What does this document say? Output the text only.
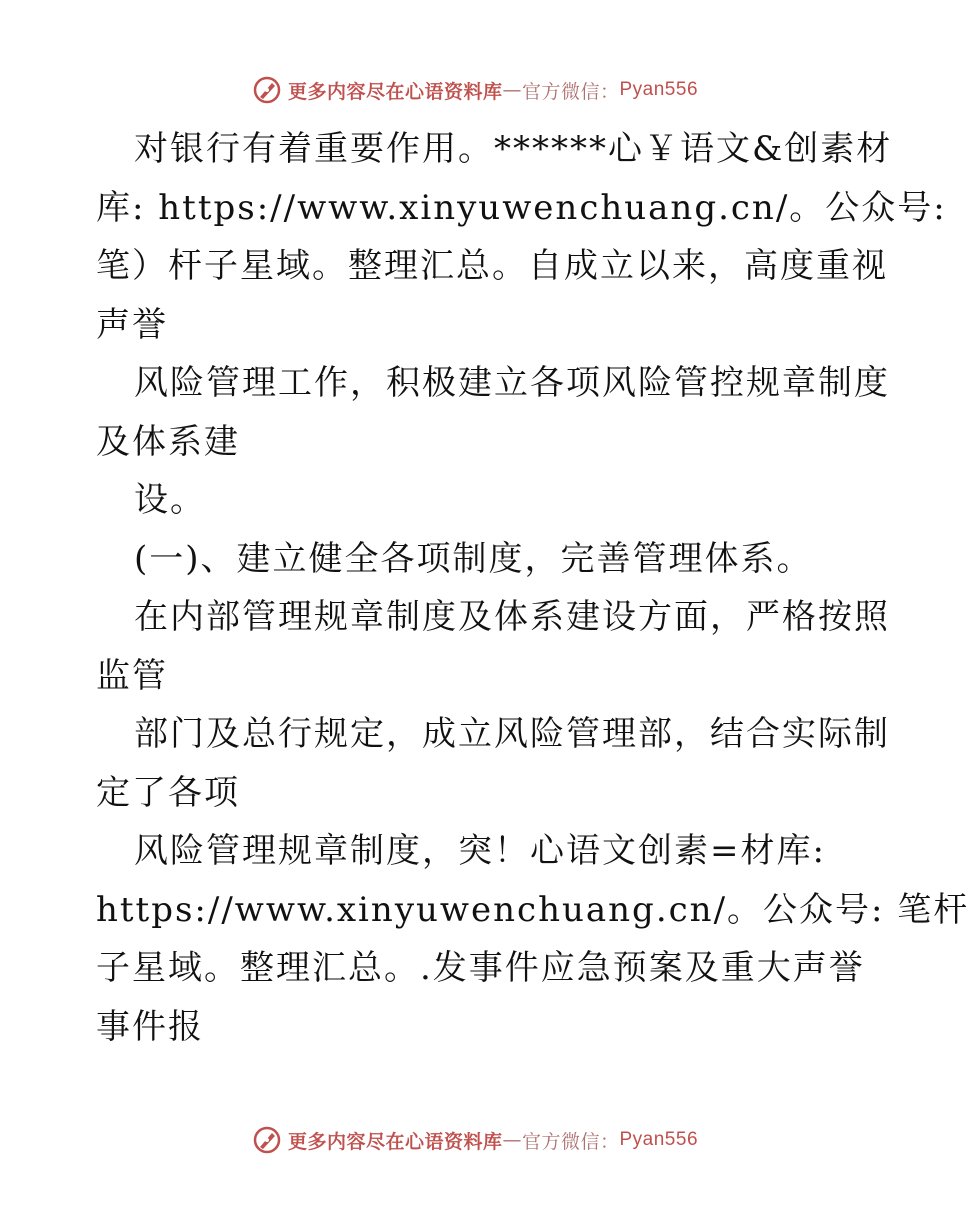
更多内容尽在心语资料库 — 官方微信： Pyan556
对银行有着重要作用。******心￥语文&创素材
库: https://www.xinyuwenchuang.cn/。公众号:
笔）杆子星域。整理汇总。自成立以来，高度重视
声誉
风险管理工作，积极建立各项风险管控规章制度
及体系建
设。
(一)、建立健全各项制度，完善管理体系。
在内部管理规章制度及体系建设方面，严格按照
监管
部门及总行规定，成立风险管理部，结合实际制
定了各项
风险管理规章制度，突！心语文创素=材库:
https://www.xinyuwenchuang.cn/。公众号: 笔杆
子星域。整理汇总。.发事件应急预案及重大声誉
事件报
更多内容尽在心语资料库 — 官方微信： Pyan556
